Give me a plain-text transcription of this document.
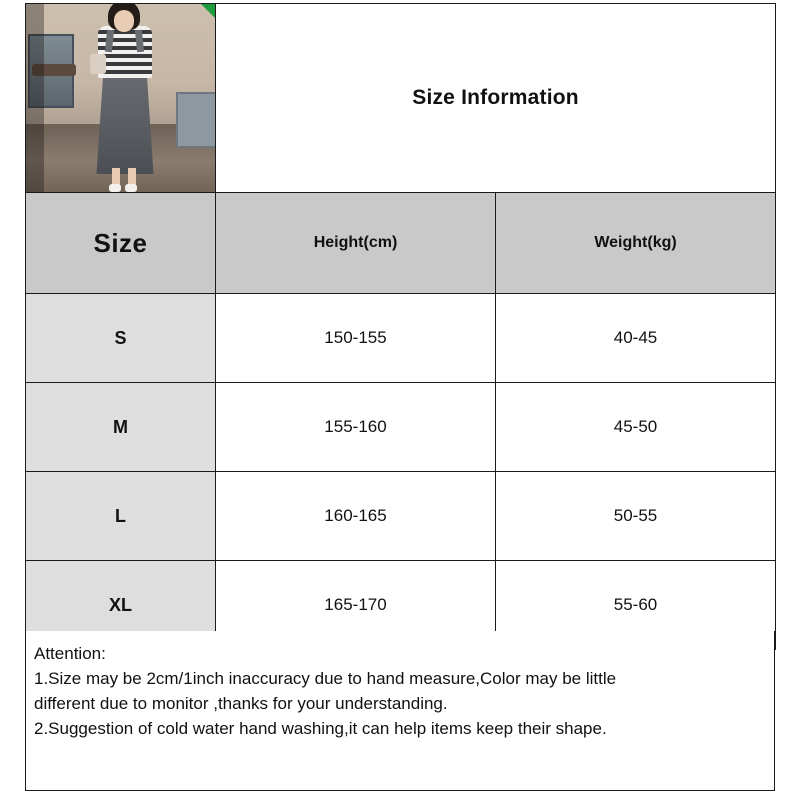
	Size Information	
Size	Height(cm)	Weight(kg)
S	150-155	40-45
M	155-160	45-50
L	160-165	50-55
XL	165-170	55-60

Attention:

1.Size may be 2cm/1inch inaccuracy due to hand measure,Color may be little

different due to monitor ,thanks for your understanding.

2.Suggestion of cold water hand washing,it can help items keep their shape.
